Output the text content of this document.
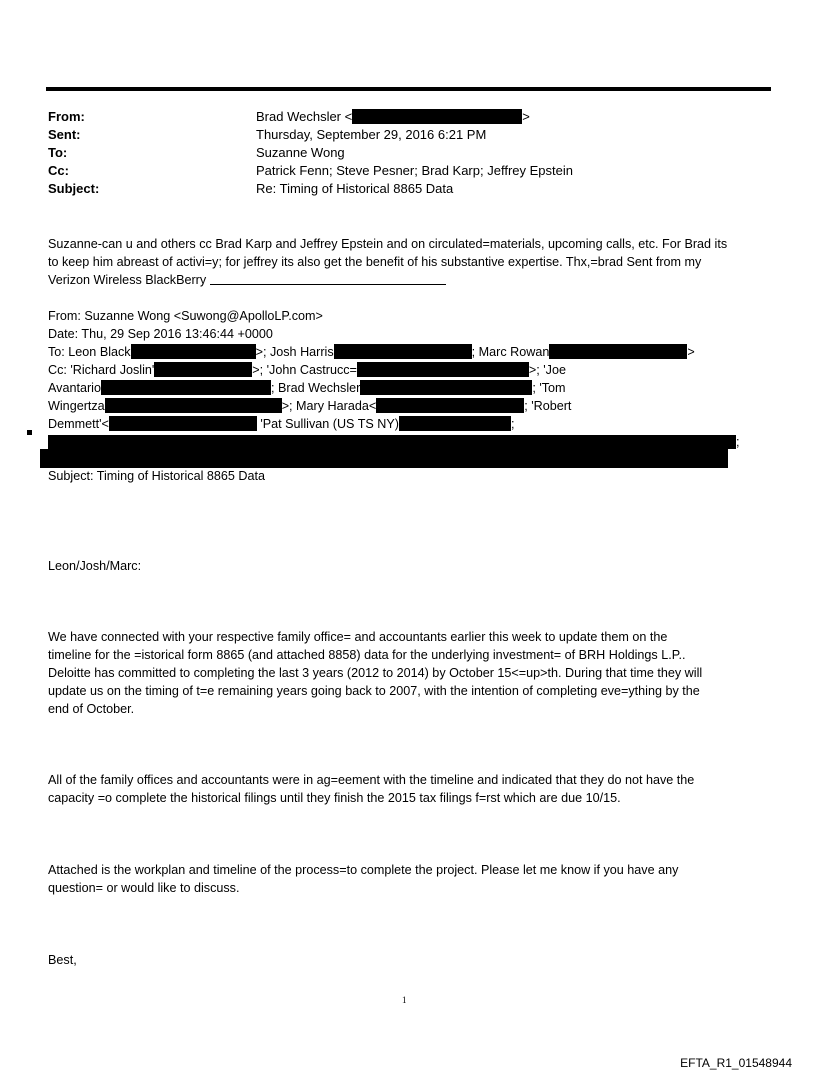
From:	Brad Wechsler <	>
Sent:	Thursday, September 29, 2016 6:21 PM
To:	Suzanne Wong
Cc:	Patrick Fenn; Steve Pesner; Brad Karp; Jeffrey Epstein
Subject:	Re: Timing of Historical 8865 Data
Suzanne-can u and others cc Brad Karp and Jeffrey Epstein and on circulated=materials, upcoming calls, etc. For Brad its
to keep him abreast of activi=y; for jeffrey its also get the benefit of his substantive expertise. Thx,=brad Sent from my
Verizon Wireless BlackBerry
From: Suzanne Wong <Suwong@ApolloLP.com>
Date: Thu, 29 Sep 2016 13:46:44 +0000
To: Leon Black	>; Josh Harris	; Marc Rowan	>
Cc: 'Richard Joslin'	>; 'John Castrucc=	>; 'Joe
Avantario	; Brad Wechsler	; 'Tom
Wingertza	>; Mary Harada<	; 'Robert
Demmett'<	'Pat Sullivan (US TS NY)	;
;
Subject: Timing of Historical 8865 Data
Leon/Josh/Marc:
We have connected with your respective family office= and accountants earlier this week to update them on the
timeline for the =istorical form 8865 (and attached 8858) data for the underlying investment= of BRH Holdings L.P..
Deloitte has committed to completing the last 3 years (2012 to 2014) by October 15<=up>th. During that time they will
update us on the timing of t=e remaining years going back to 2007, with the intention of completing eve=ything by the
end of October.
All of the family offices and accountants were in ag=eement with the timeline and indicated that they do not have the
capacity =o complete the historical filings until they finish the 2015 tax filings f=rst which are due 10/15.
Attached is the workplan and timeline of the process=to complete the project. Please let me know if you have any
question= or would like to discuss.
Best,
1
EFTA_R1_01548944
